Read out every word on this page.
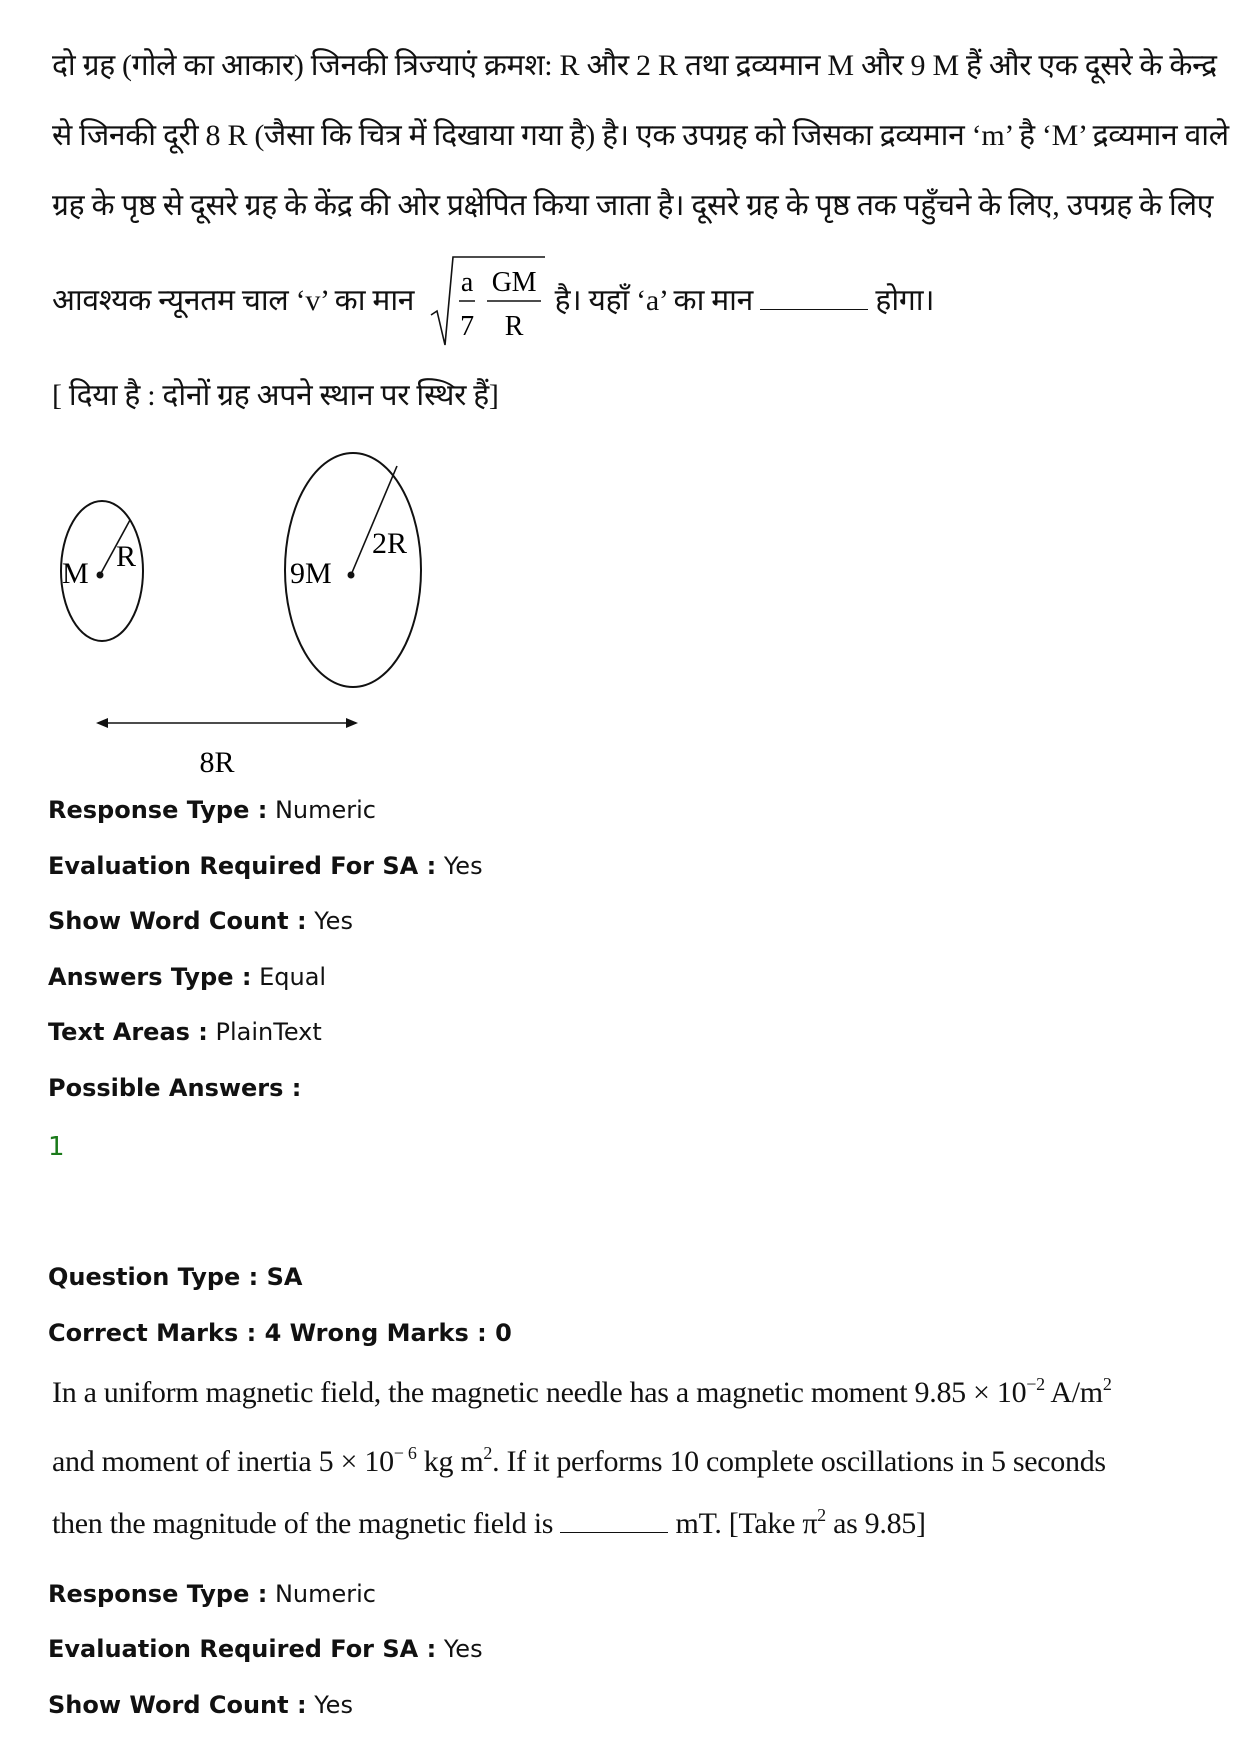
दो ग्रह (गोले का आकार) जिनकी त्रिज्याएं क्रमश: R और 2 R तथा द्रव्यमान M और 9 M हैं और एक दूसरे के केन्द्र
से जिनकी दूरी 8 R (जैसा कि चित्र में दिखाया गया है) है। एक उपग्रह को जिसका द्रव्यमान ‘m’ है ‘M’ द्रव्यमान वाले
ग्रह के पृष्ठ से दूसरे ग्रह के केंद्र की ओर प्रक्षेपित किया जाता है। दूसरे ग्रह के पृष्ठ तक पहुँचने के लिए, उपग्रह के लिए
आवश्यक न्यूनतम चाल ‘v’ का मान
a
7
GM
R
है। यहाँ ‘a’ का मान	होगा।
[ दिया है : दोनों ग्रह अपने स्थान पर स्थिर हैं]
M
R
9M
2R
8R
Response Type : Numeric
Evaluation Required For SA : Yes
Show Word Count : Yes
Answers Type : Equal
Text Areas : PlainText
Possible Answers :
1
Question Type : SA
Correct Marks : 4 Wrong Marks : 0
In a uniform magnetic field, the magnetic needle has a magnetic moment $9.85 \times 10^{-2}$ $A/m^2$
and moment of inertia $5 \times 10^{- 6}$ kg $m^2$. If it performs 10 complete oscillations in 5 seconds
then the magnitude of the magnetic field is	mT. [Take $\pi^2$ as 9.85]
Response Type : Numeric
Evaluation Required For SA : Yes
Show Word Count : Yes
